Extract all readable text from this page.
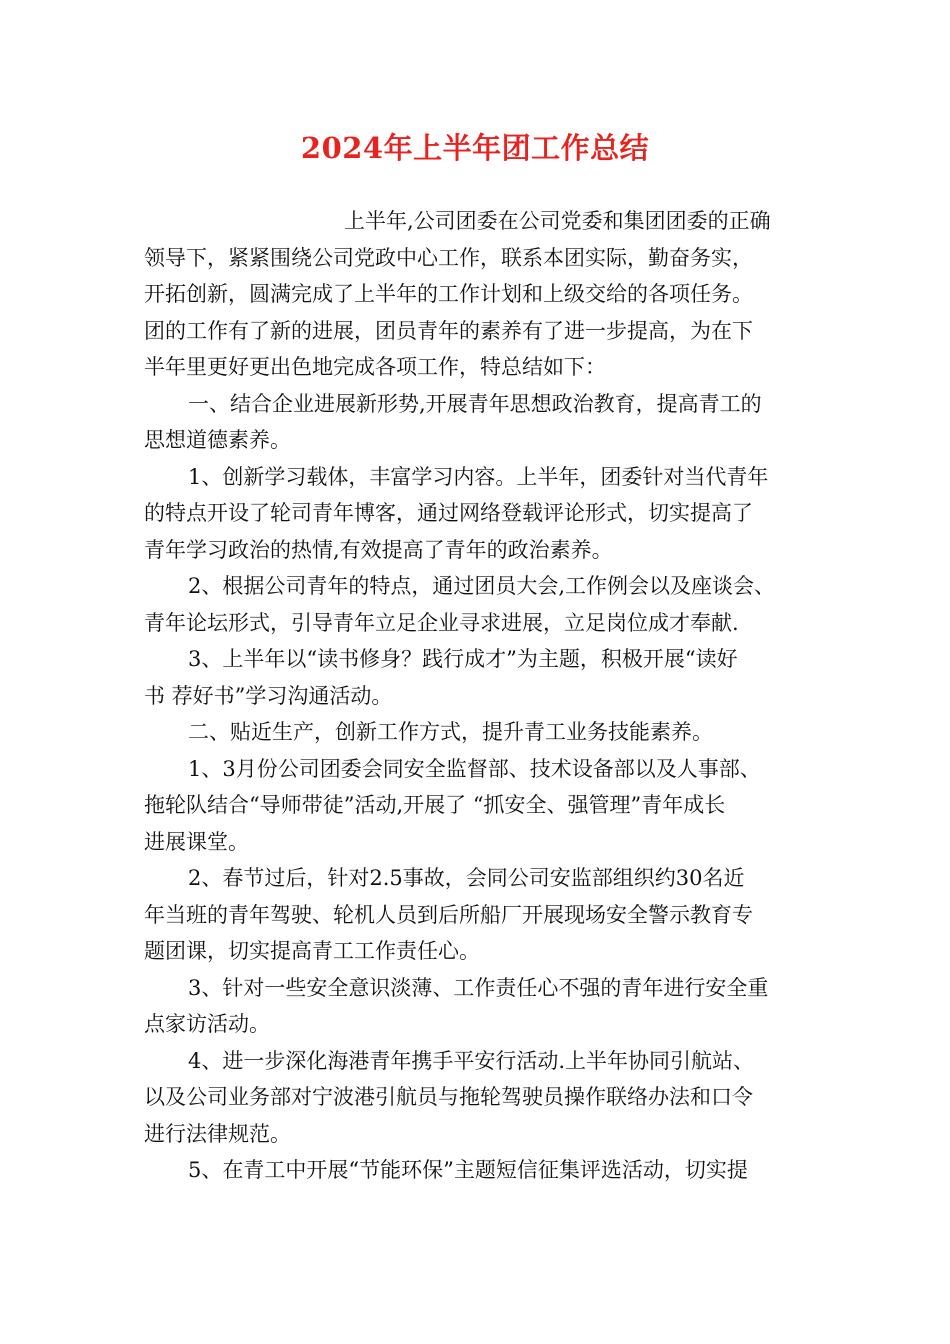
2024年上半年团工作总结
上半年,公司团委在公司党委和集团团委的正确
领导下，紧紧围绕公司党政中心工作，联系本团实际，勤奋务实，
开拓创新，圆满完成了上半年的工作计划和上级交给的各项任务。
团的工作有了新的进展，团员青年的素养有了进一步提高，为在下
半年里更好更出色地完成各项工作，特总结如下：
一、结合企业进展新形势,开展青年思想政治教育，提高青工的
思想道德素养。
1、创新学习载体，丰富学习内容。上半年，团委针对当代青年
的特点开设了轮司青年博客，通过网络登载评论形式，切实提高了
青年学习政治的热情,有效提高了青年的政治素养。
2、根据公司青年的特点，通过团员大会,工作例会以及座谈会、
青年论坛形式，引导青年立足企业寻求进展，立足岗位成才奉献.
3、上半年以“读书修身？践行成才”为主题，积极开展“读好
书 荐好书”学习沟通活动。
二、贴近生产，创新工作方式，提升青工业务技能素养。
1、3月份公司团委会同安全监督部、技术设备部以及人事部、
拖轮队结合“导师带徒”活动,开展了 “抓安全、强管理”青年成长
进展课堂。
2、春节过后，针对2.5事故，会同公司安监部组织约30名近
年当班的青年驾驶、轮机人员到后所船厂开展现场安全警示教育专
题团课，切实提高青工工作责任心。
3、针对一些安全意识淡薄、工作责任心不强的青年进行安全重
点家访活动。
4、进一步深化海港青年携手平安行活动.上半年协同引航站、
以及公司业务部对宁波港引航员与拖轮驾驶员操作联络办法和口令
进行法律规范。
5、在青工中开展“节能环保”主题短信征集评选活动，切实提
